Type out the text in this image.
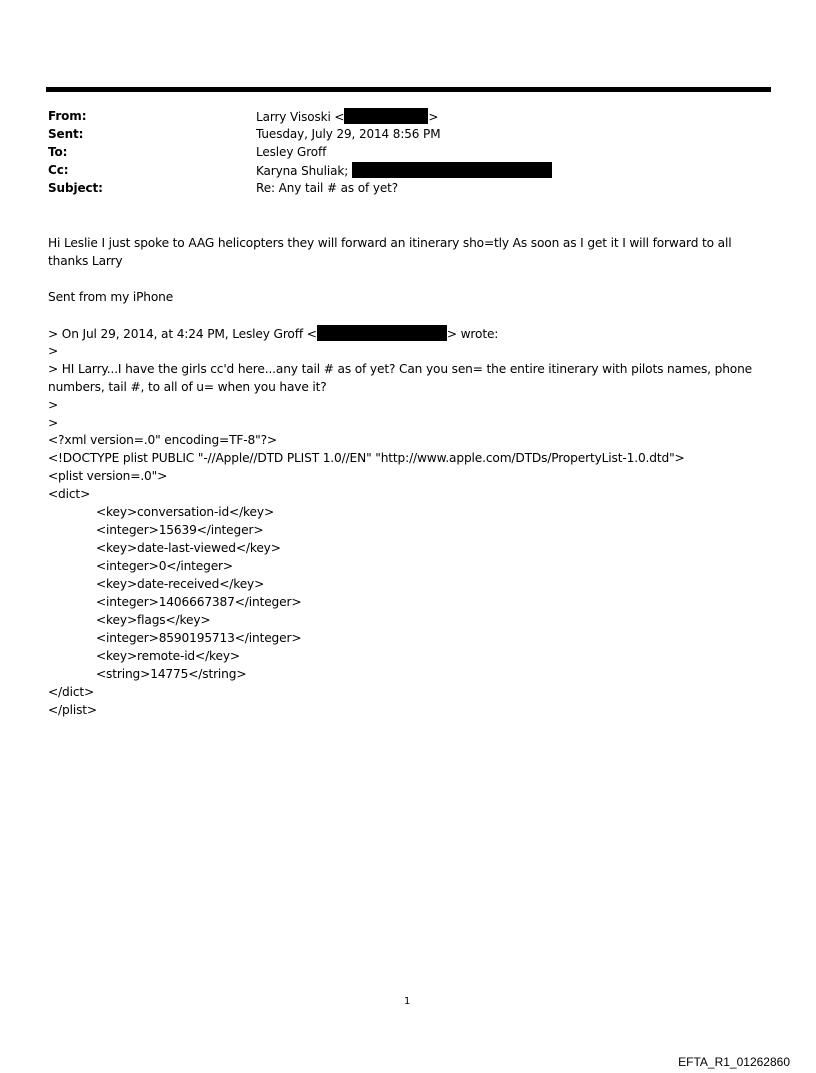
From:	Larry Visoski <	>
Sent:	Tuesday, July 29, 2014 8:56 PM
To:	Lesley Groff
Cc:	Karyna Shuliak;
Subject:	Re: Any tail # as of yet?
Hi Leslie I just spoke to AAG helicopters they will forward an itinerary sho=tly As soon as I get it I will forward to all
thanks Larry
Sent from my iPhone
> On Jul 29, 2014, at 4:24 PM, Lesley Groff <	> wrote:
>
> HI Larry...I have the girls cc'd here...any tail # as of yet? Can you sen= the entire itinerary with pilots names, phone
numbers, tail #, to all of u= when you have it?
>
>
<?xml version=.0" encoding=TF-8"?>
<!DOCTYPE plist PUBLIC "-//Apple//DTD PLIST 1.0//EN" "http://www.apple.com/DTDs/PropertyList-1.0.dtd">
<plist version=.0">
<dict>
<key>conversation-id</key>
<integer>15639</integer>
<key>date-last-viewed</key>
<integer>0</integer>
<key>date-received</key>
<integer>1406667387</integer>
<key>flags</key>
<integer>8590195713</integer>
<key>remote-id</key>
<string>14775</string>
</dict>
</plist>
1
EFTA_R1_01262860
